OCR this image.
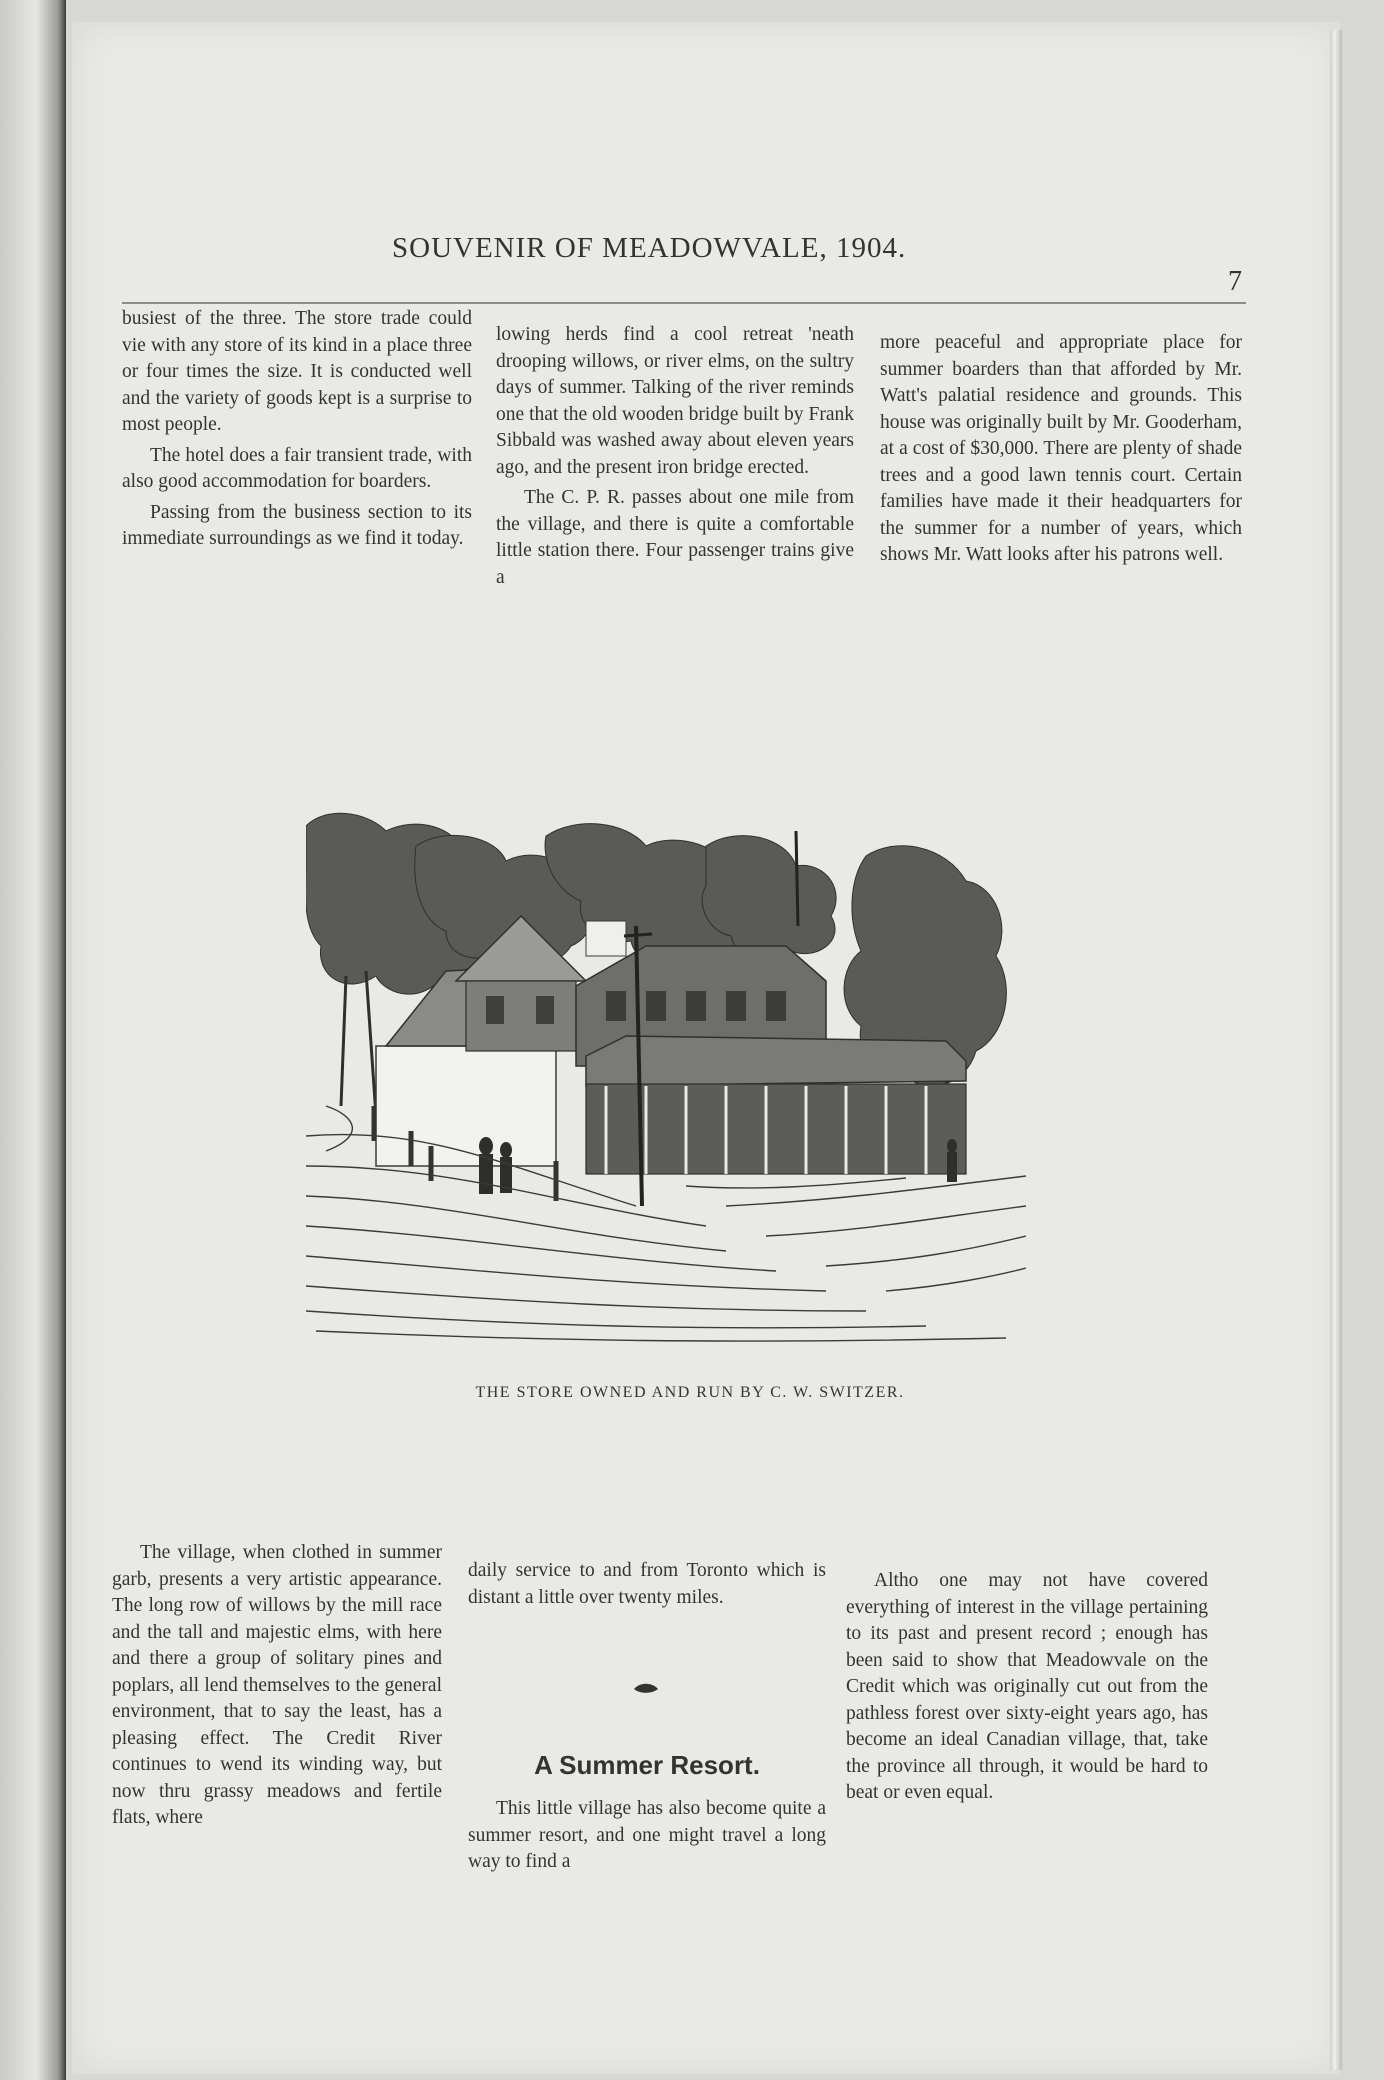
SOUVENIR OF MEADOWVALE, 1904.
7

busiest of the three. The store trade could vie with any store of its kind in a place three or four times the size. It is conducted well and the variety of goods kept is a surprise to most people.

The hotel does a fair transient trade, with also good accommodation for boarders.

Passing from the business section to its immediate surroundings as we find it today.

lowing herds find a cool retreat 'neath drooping willows, or river elms, on the sultry days of summer. Talking of the river reminds one that the old wooden bridge built by Frank Sibbald was washed away about eleven years ago, and the present iron bridge erected.

The C. P. R. passes about one mile from the village, and there is quite a comfortable little station there. Four passenger trains give a

more peaceful and appropriate place for summer boarders than that afforded by Mr. Watt's palatial residence and grounds. This house was originally built by Mr. Gooderham, at a cost of $30,000. There are plenty of shade trees and a good lawn tennis court. Certain families have made it their headquarters for the summer for a number of years, which shows Mr. Watt looks after his patrons well.

THE STORE OWNED AND RUN BY C. W. SWITZER.

The village, when clothed in summer garb, presents a very artistic appearance. The long row of willows by the mill race and the tall and majestic elms, with here and there a group of solitary pines and poplars, all lend themselves to the general environment, that to say the least, has a pleasing effect. The Credit River continues to wend its winding way, but now thru grassy meadows and fertile flats, where

daily service to and from Toronto which is distant a little over twenty miles.

A Summer Resort.

This little village has also become quite a summer resort, and one might travel a long way to find a

Altho one may not have covered everything of interest in the village pertaining to its past and present record ; enough has been said to show that Meadowvale on the Credit which was originally cut out from the pathless forest over sixty-eight years ago, has become an ideal Canadian village, that, take the province all through, it would be hard to beat or even equal.
